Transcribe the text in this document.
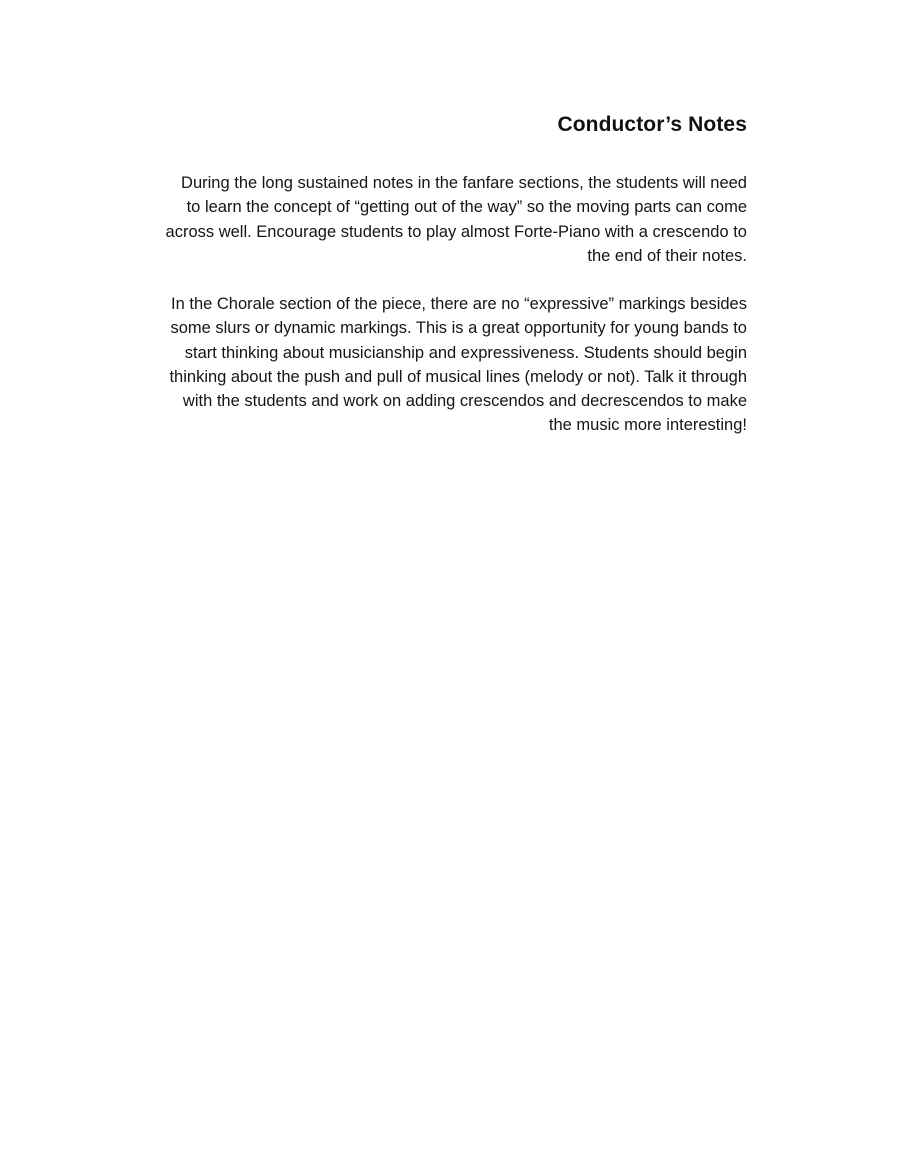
Conductor’s Notes

During the long sustained notes in the fanfare sections, the students will need
to learn the concept of “getting out of the way” so the moving parts can come
across well. Encourage students to play almost Forte-Piano with a crescendo to
the end of their notes.

In the Chorale section of the piece, there are no “expressive” markings besides
some slurs or dynamic markings. This is a great opportunity for young bands to
start thinking about musicianship and expressiveness. Students should begin
thinking about the push and pull of musical lines (melody or not). Talk it through
with the students and work on adding crescendos and decrescendos to make
the music more interesting!
